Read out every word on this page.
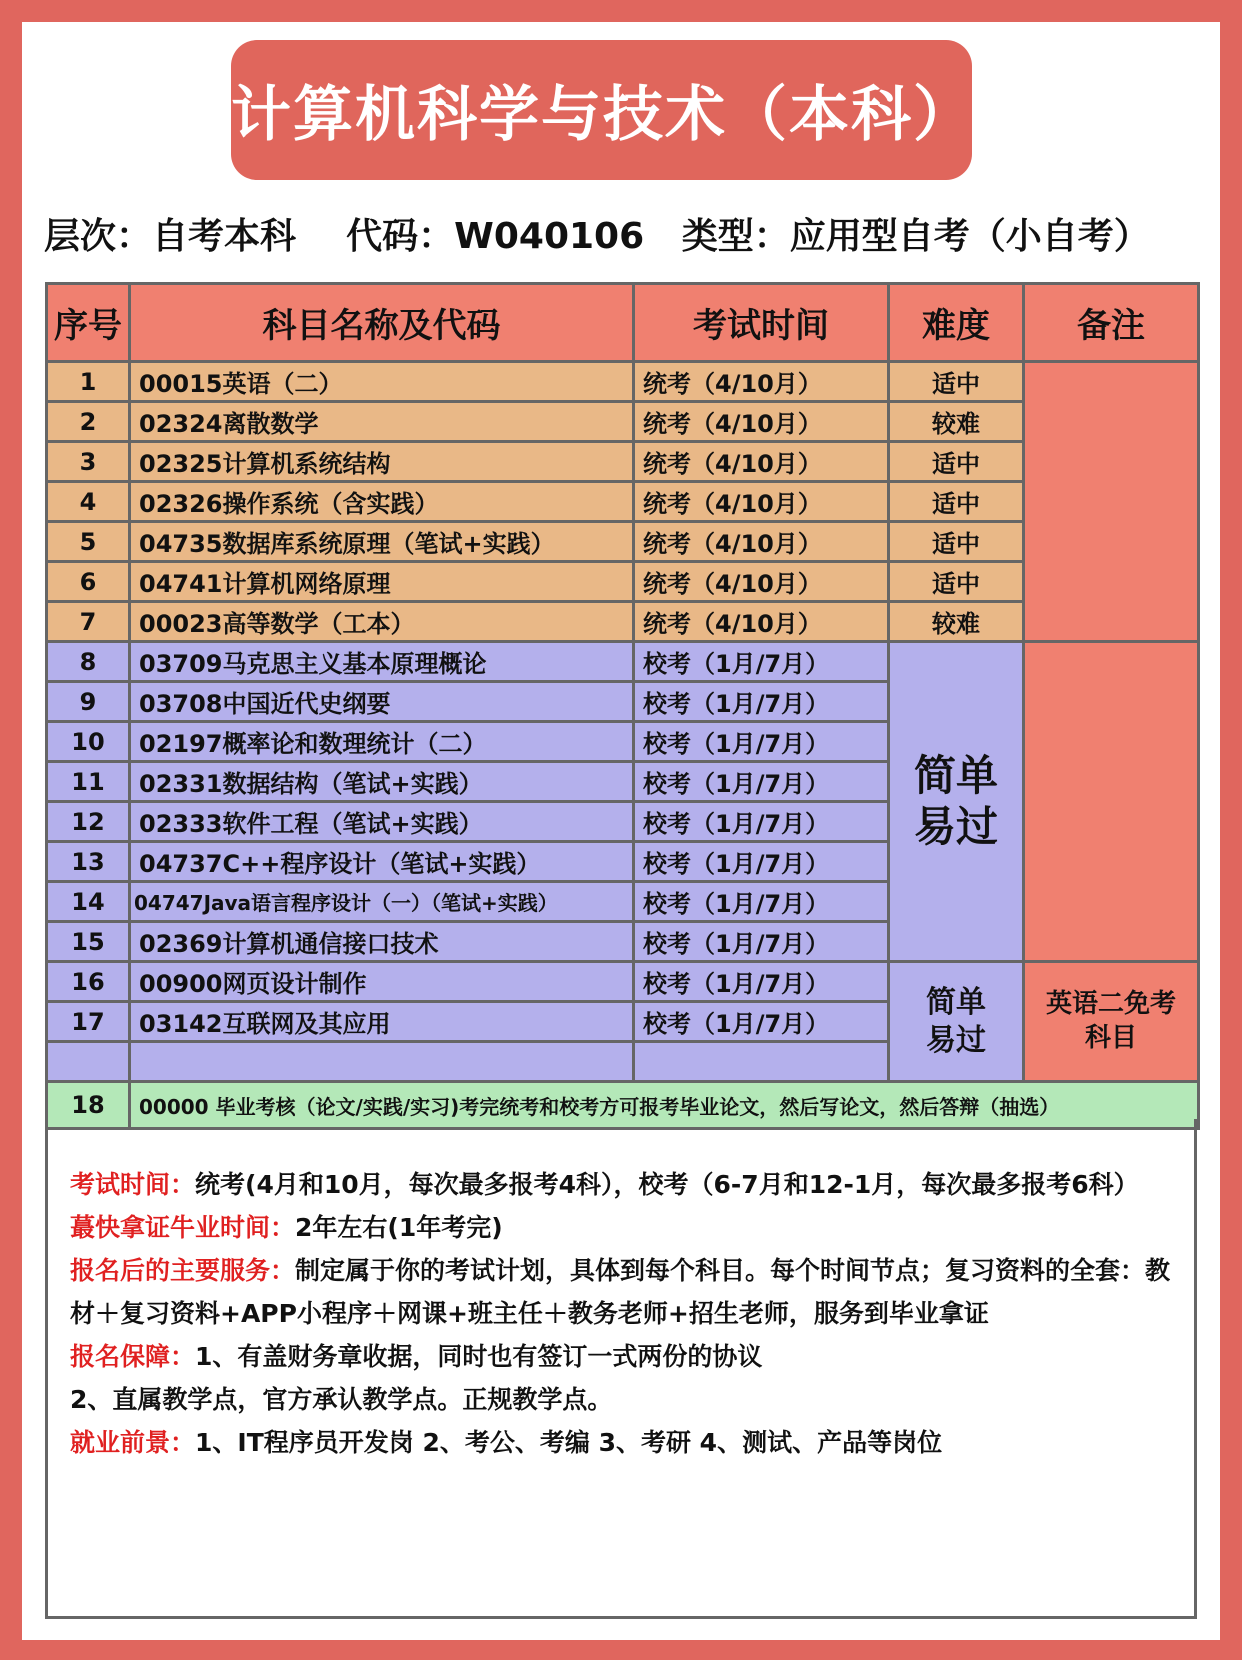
计算机科学与技术（本科）
层次：自考本科    代码：W040106   类型：应用型自考（小自考）
序号	科目名称及代码	考试时间	难度	备注
1	00015英语（二）	统考（4/10月）	适中	
2	02324离散数学	统考（4/10月）	较难	
3	02325计算机系统结构	统考（4/10月）	适中	
4	02326操作系统（含实践）	统考（4/10月）	适中	
5	04735数据库系统原理（笔试+实践）	统考（4/10月）	适中	
6	04741计算机网络原理	统考（4/10月）	适中	
7	00023高等数学（工本）	统考（4/10月）	较难	
8	03709马克思主义基本原理概论	校考（1月/7月）	简单易过	
9	03708中国近代史纲要	校考（1月/7月）		
10	02197概率论和数理统计（二）	校考（1月/7月）		
11	02331数据结构（笔试+实践）	校考（1月/7月）		
12	02333软件工程（笔试+实践）	校考（1月/7月）		
13	04737C++程序设计（笔试+实践）	校考（1月/7月）		
14	04747Java语言程序设计（一）（笔试+实践）	校考（1月/7月）		
15	02369计算机通信接口技术	校考（1月/7月）		
16	00900网页设计制作	校考（1月/7月）	简单易过	英语二免考科目
17	03142互联网及其应用	校考（1月/7月）		

18	00000 毕业考核（论文/实践/实习)考完统考和校考方可报考毕业论文，然后写论文，然后答辩（抽选）			
考试时间：统考(4月和10月，每次最多报考4科），校考（6-7月和12-1月，每次最多报考6科）
蕞快拿证牛业时间：2年左右(1年考完)
报名后的主要服务：制定属于你的考试计划，具体到每个科目。每个时间节点；复习资料的全套：教材＋复习资料+APP小程序＋网课+班主任＋教务老师+招生老师，服务到毕业拿证
报名保障：1、有盖财务章收据，同时也有签订一式两份的协议
2、直属教学点，官方承认教学点。正规教学点。
就业前景：1、IT程序员开发岗 2、考公、考编 3、考研 4、测试、产品等岗位
